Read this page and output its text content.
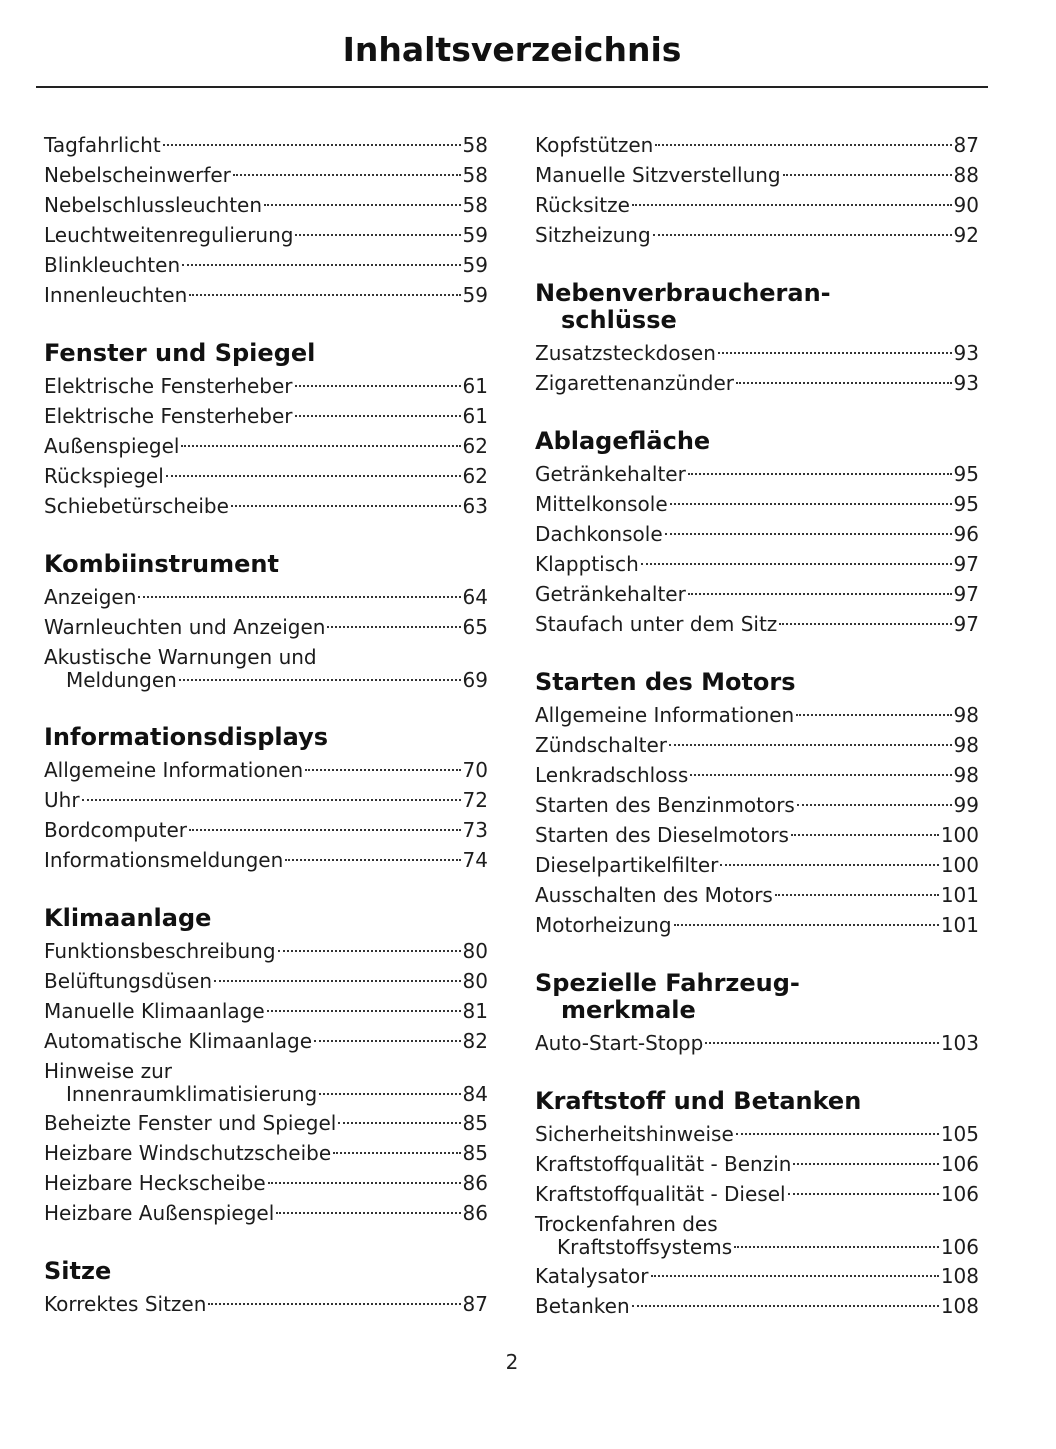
Inhaltsverzeichnis
Tagfahrlicht	58
Nebelscheinwerfer	58
Nebelschlussleuchten	58
Leuchtweitenregulierung	59
Blinkleuchten	59
Innenleuchten	59
Fenster und Spiegel
Elektrische Fensterheber	61
Elektrische Fensterheber	61
Außenspiegel	62
Rückspiegel	62
Schiebetürscheibe	63
Kombiinstrument
Anzeigen	64
Warnleuchten und Anzeigen	65
Akustische Warnungen und
Meldungen	69
Informationsdisplays
Allgemeine Informationen	70
Uhr	72
Bordcomputer	73
Informationsmeldungen	74
Klimaanlage
Funktionsbeschreibung	80
Belüftungsdüsen	80
Manuelle Klimaanlage	81
Automatische Klimaanlage	82
Hinweise zur
Innenraumklimatisierung	84
Beheizte Fenster und Spiegel	85
Heizbare Windschutzscheibe	85
Heizbare Heckscheibe	86
Heizbare Außenspiegel	86
Sitze
Korrektes Sitzen	87
Kopfstützen	87
Manuelle Sitzverstellung	88
Rücksitze	90
Sitzheizung	92
Nebenverbraucheran-
schlüsse
Zusatzsteckdosen	93
Zigarettenanzünder	93
Ablagefläche
Getränkehalter	95
Mittelkonsole	95
Dachkonsole	96
Klapptisch	97
Getränkehalter	97
Staufach unter dem Sitz	97
Starten des Motors
Allgemeine Informationen	98
Zündschalter	98
Lenkradschloss	98
Starten des Benzinmotors	99
Starten des Dieselmotors	100
Dieselpartikelfilter	100
Ausschalten des Motors	101
Motorheizung	101
Spezielle Fahrzeug-
merkmale
Auto-Start-Stopp	103
Kraftstoff und Betanken
Sicherheitshinweise	105
Kraftstoffqualität - Benzin	106
Kraftstoffqualität - Diesel	106
Trockenfahren des
Kraftstoffsystems	106
Katalysator	108
Betanken	108
2
